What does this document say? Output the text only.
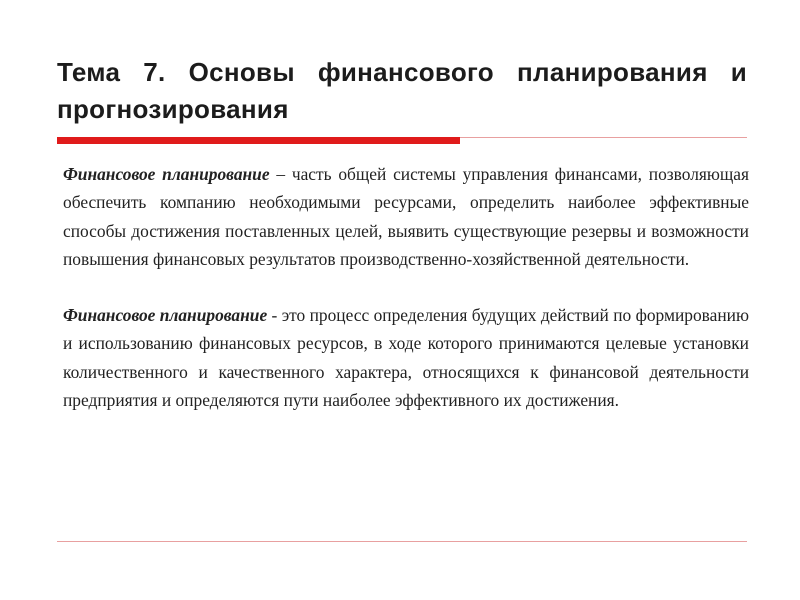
Тема 7. Основы финансового планирования и прогнозирования

Финансовое планирование – часть общей системы управления финансами, позволяющая обеспечить компанию необходимыми ресурсами, определить наиболее эффективные способы достижения поставленных целей, выявить существующие резервы и возможности повышения финансовых результатов производственно-хозяйственной деятельности.

Финансовое планирование - это процесс определения будущих действий по формированию и использованию финансовых ресурсов, в ходе которого принимаются целевые установки количественного и качественного характера, относящихся к финансовой деятельности предприятия и определяются пути наиболее эффективного их достижения.
